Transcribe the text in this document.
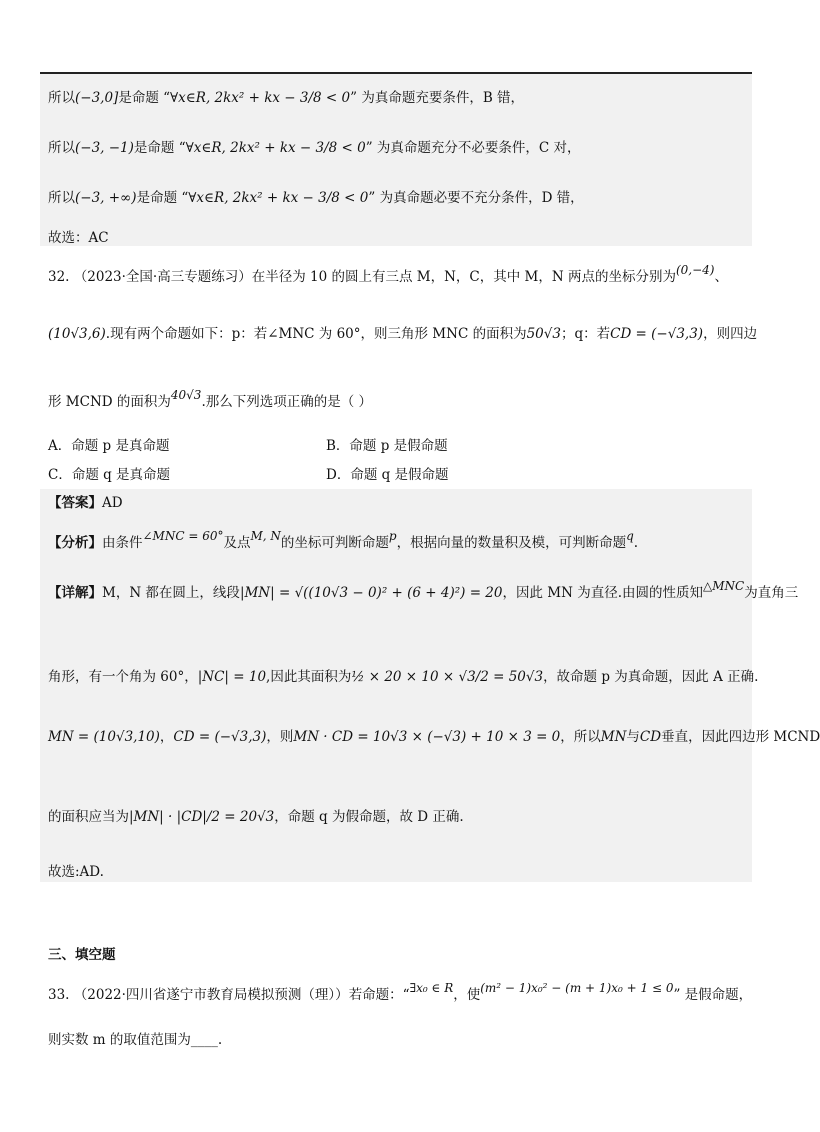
所以(−3,0]是命题 “∀x∈R, 2kx² + kx − 3/8 < 0” 为真命题充要条件，B 错，
所以(−3, −1)是命题 “∀x∈R, 2kx² + kx − 3/8 < 0” 为真命题充分不必要条件，C 对，
所以(−3, +∞)是命题 “∀x∈R, 2kx² + kx − 3/8 < 0” 为真命题必要不充分条件，D 错，
故选：AC
32. （2023·全国·高三专题练习）在半径为 10 的圆上有三点 M，N，C，其中 M，N 两点的坐标分别为(0,−4)、
(10√3,6).现有两个命题如下：p：若∠MNC 为 60°，则三角形 MNC 的面积为50√3；q：若CD = (−√3,3)，则四边
形 MCND 的面积为40√3.那么下列选项正确的是（ ）
A．命题 p 是真命题	B．命题 p 是假命题
C．命题 q 是真命题	D．命题 q 是假命题
【答案】AD
【分析】由条件∠MNC = 60°及点M, N的坐标可判断命题p，根据向量的数量积及模，可判断命题q.
【详解】M，N 都在圆上，线段|MN| = √((10√3 − 0)² + (6 + 4)²) = 20，因此 MN 为直径.由圆的性质知△MNC为直角三
角形，有一个角为 60°，|NC| = 10,因此其面积为½ × 20 × 10 × √3/2 = 50√3，故命题 p 为真命题，因此 A 正确.
MN = (10√3,10)，CD = (−√3,3)，则MN · CD = 10√3 × (−√3) + 10 × 3 = 0，所以MN与CD垂直，因此四边形 MCND
的面积应当为|MN| · |CD|/2 = 20√3，命题 q 为假命题，故 D 正确.
故选:AD.
三、填空题
33. （2022·四川省遂宁市教育局模拟预测（理））若命题：“∃x₀ ∈ R，使(m² − 1)x₀² − (m + 1)x₀ + 1 ≤ 0” 是假命题，
则实数 m 的取值范围为____.
